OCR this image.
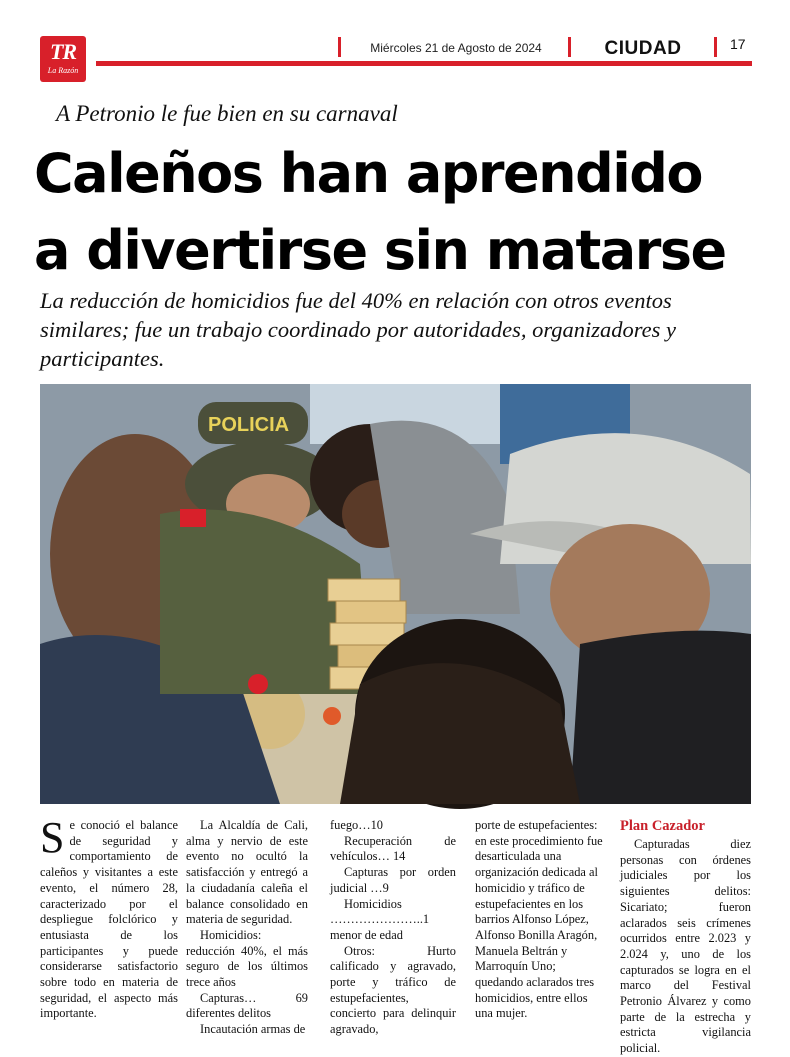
TR
La Razón
Miércoles 21 de Agosto de 2024	CIUDAD	17
A Petronio le fue bien en su carnaval
Caleños han aprendido
a divertirse sin matarse
La reducción de homicidios fue del 40% en relación con otros eventos similares; fue un trabajo coordinado por autoridades, organizadores y participantes.
POLICIA

Se conoció el balance de seguridad y comportamiento de caleños y visitantes a este evento, el número 28, caracterizado por el despliegue folclórico y entusiasta de los participantes y puede considerarse satisfactorio sobre todo en materia de seguridad, el aspecto más importante.

La Alcaldía de Cali, alma y nervio de este evento no ocultó la satisfacción y entregó a la ciudadanía caleña el balance consolidado en materia de seguridad.

Homicidios: reducción 40%, el más seguro de los últimos trece años

Capturas… 69 diferentes delitos

Incautación armas de

fuego…10

Recuperación de vehículos… 14

Capturas por orden judicial …9

Homicidios

…………………..1 menor de edad

Otros: Hurto calificado y agravado, porte y tráfico de estupefacientes, concierto para delinquir agravado,

porte de estupefacientes: en este procedimiento fue desarticulada una organización dedicada al homicidio y tráfico de estupefacientes en los barrios Alfonso López, Alfonso Bonilla Aragón, Manuela Beltrán y Marroquín Uno; quedando aclarados tres homicidios, entre ellos una mujer.

Plan Cazador

Capturadas diez personas con órdenes judiciales por los siguientes delitos: Sicariato; fueron aclarados seis crímenes ocurridos entre 2.023 y 2.024 y, uno de los capturados se logra en el marco del Festival Petronio Álvarez y como parte de la estrecha y estricta vigilancia policial.
